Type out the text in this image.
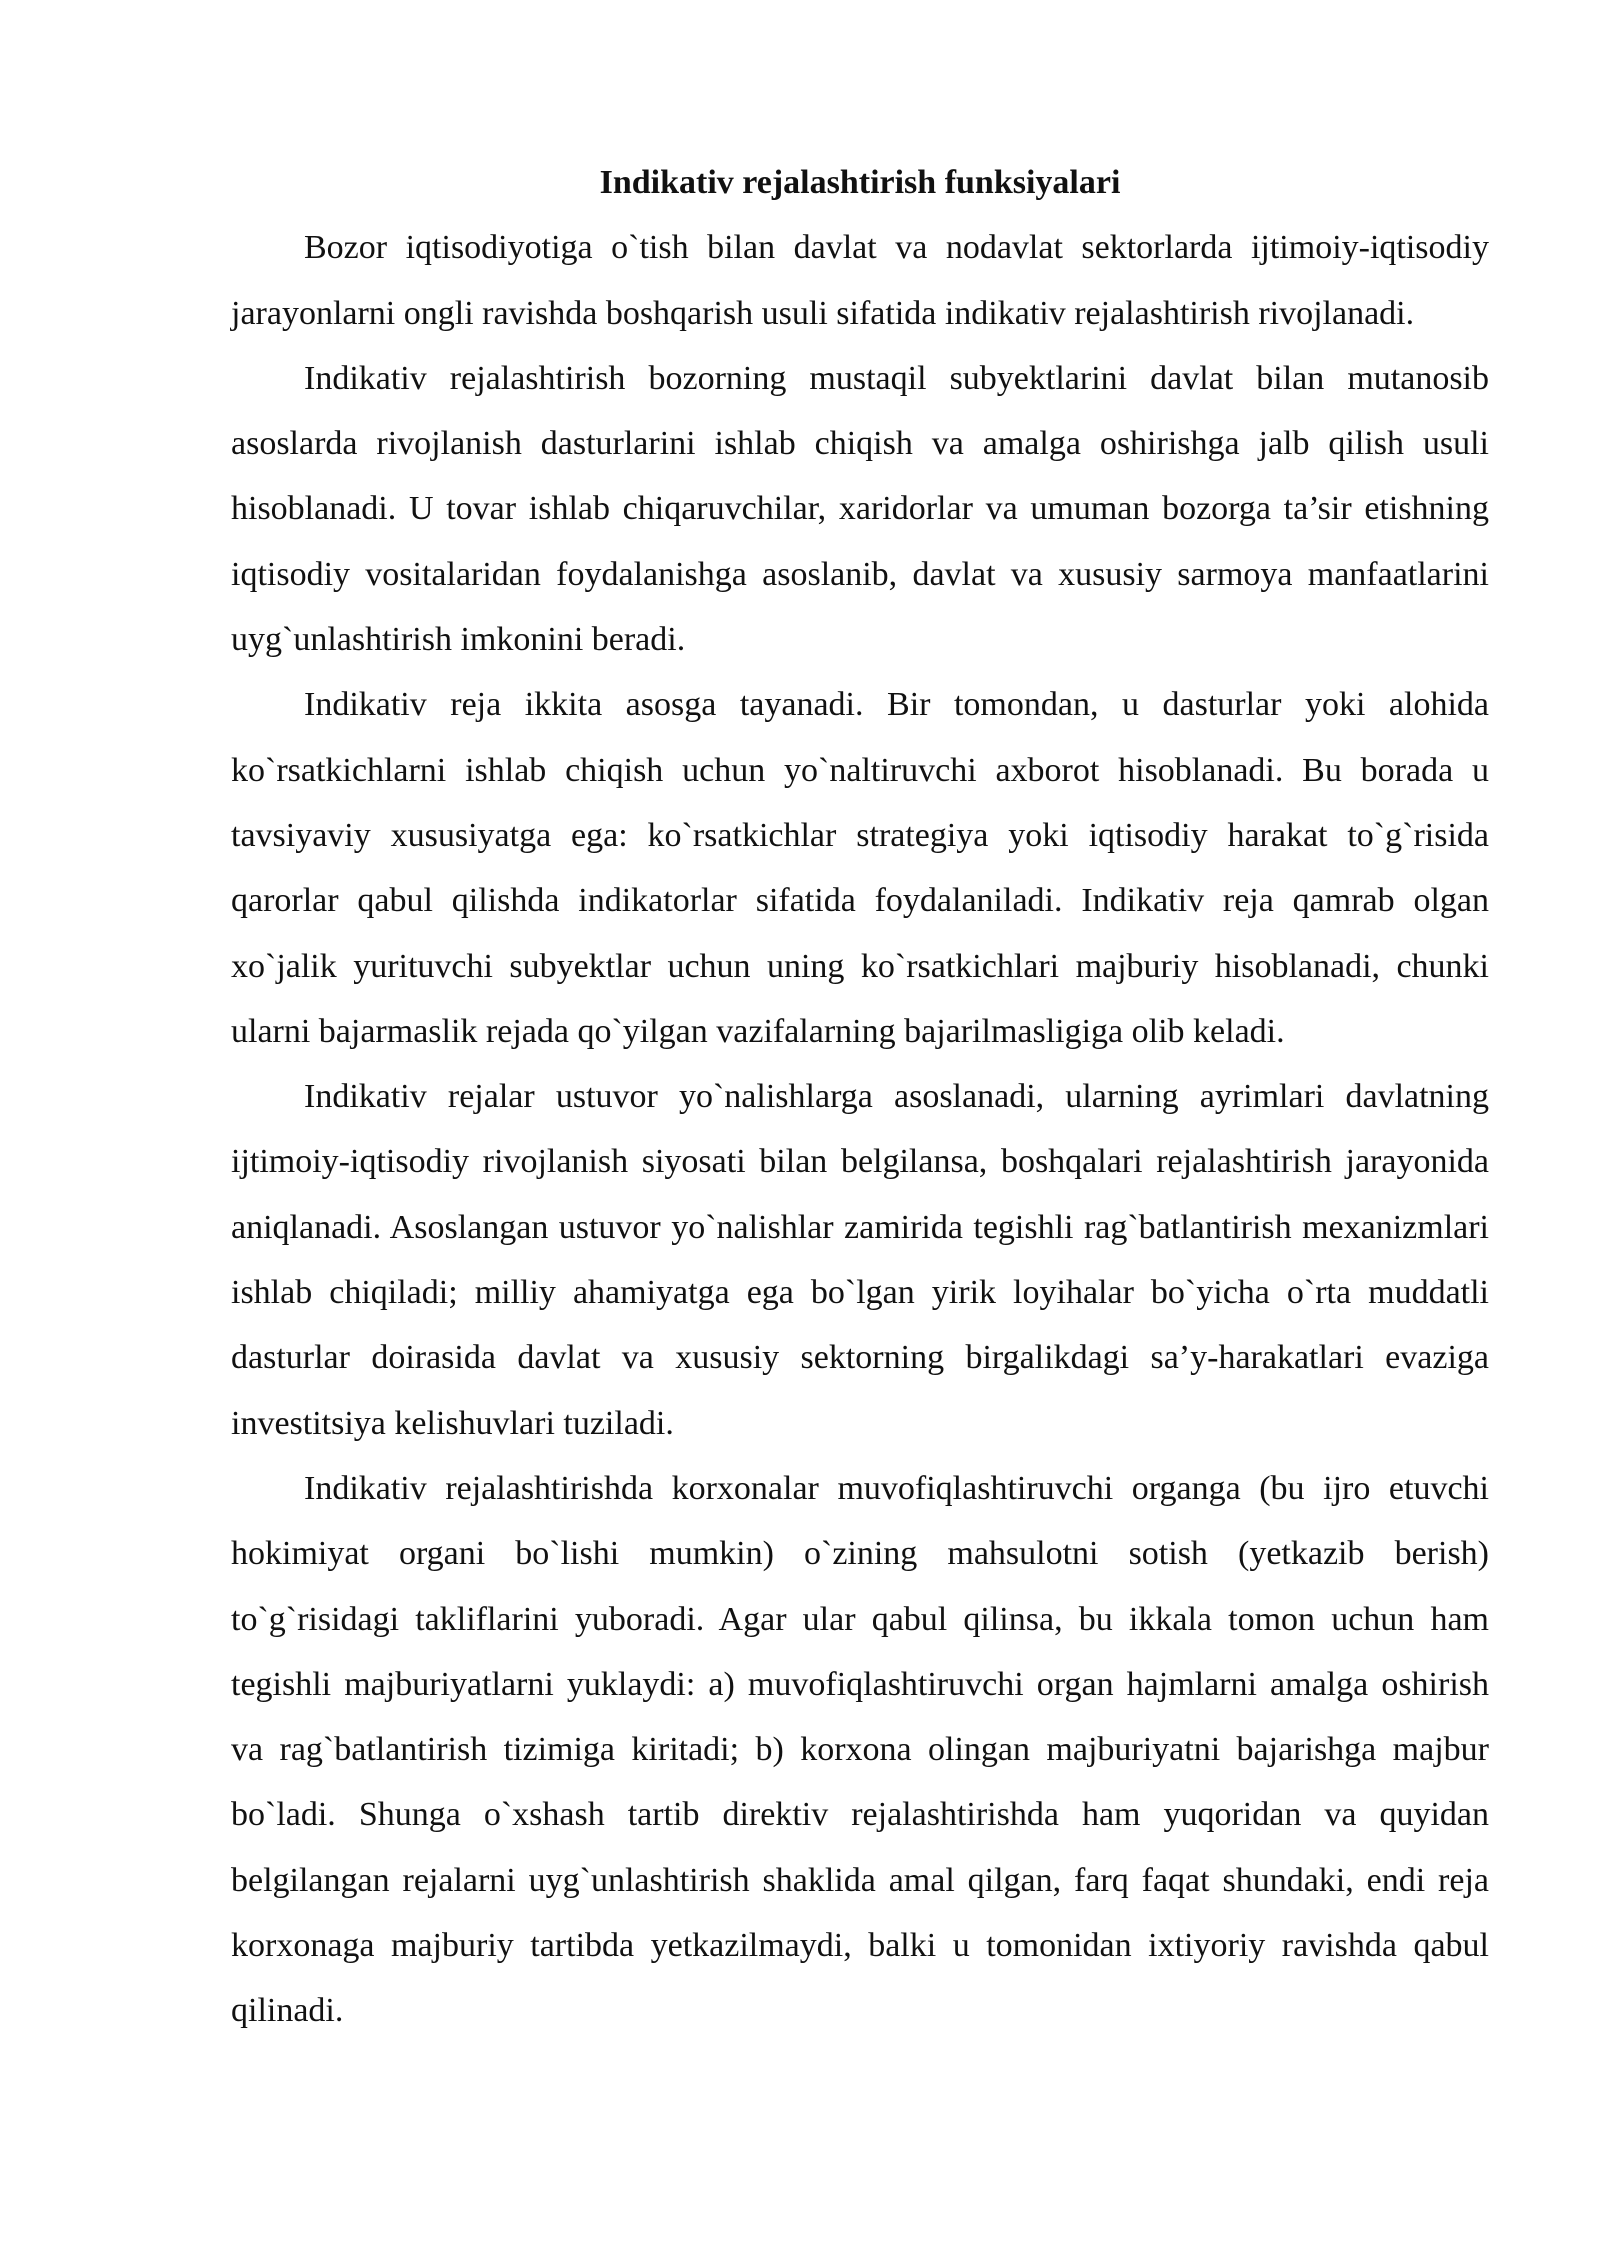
Indikativ rejalashtirish funksiyalari

Bozor iqtisodiyotiga o`tish bilan davlat va nodavlat sektorlarda ijtimoiy-iqtisodiy jarayonlarni ongli ravishda boshqarish usuli sifatida indikativ rejalashtirish rivojlanadi.

Indikativ rejalashtirish bozorning mustaqil subyektlarini davlat bilan mutanosib asoslarda rivojlanish dasturlarini ishlab chiqish va amalga oshirishga jalb qilish usuli hisoblanadi. U tovar ishlab chiqaruvchilar, xaridorlar va umuman bozorga ta’sir etishning iqtisodiy vositalaridan foydalanishga asoslanib, davlat va xususiy sarmoya manfaatlarini uyg`unlashtirish imkonini beradi.

Indikativ reja ikkita asosga tayanadi. Bir tomondan, u dasturlar yoki alohida ko`rsatkichlarni ishlab chiqish uchun yo`naltiruvchi axborot hisoblanadi. Bu borada u tavsiyaviy xususiyatga ega: ko`rsatkichlar strategiya yoki iqtisodiy harakat to`g`risida qarorlar qabul qilishda indikatorlar sifatida foydalaniladi. Indikativ reja qamrab olgan xo`jalik yurituvchi subyektlar uchun uning ko`rsatkichlari majburiy hisoblanadi, chunki ularni bajarmaslik rejada qo`yilgan vazifalarning bajarilmasligiga olib keladi.

Indikativ rejalar ustuvor yo`nalishlarga asoslanadi, ularning ayrimlari davlatning ijtimoiy-iqtisodiy rivojlanish siyosati bilan belgilansa, boshqalari rejalashtirish jarayonida aniqlanadi. Asoslangan ustuvor yo`nalishlar zamirida tegishli rag`batlantirish mexanizmlari ishlab chiqiladi; milliy ahamiyatga ega bo`lgan yirik loyihalar bo`yicha o`rta muddatli dasturlar doirasida davlat va xususiy sektorning birgalikdagi sa’y-harakatlari evaziga investitsiya kelishuvlari tuziladi.

Indikativ rejalashtirishda korxonalar muvofiqlashtiruvchi organga (bu ijro etuvchi hokimiyat organi bo`lishi mumkin) o`zining mahsulotni sotish (yetkazib berish) to`g`risidagi takliflarini yuboradi. Agar ular qabul qilinsa, bu ikkala tomon uchun ham tegishli majburiyatlarni yuklaydi: a) muvofiqlashtiruvchi organ hajmlarni amalga oshirish va rag`batlantirish tizimiga kiritadi; b) korxona olingan majburiyatni bajarishga majbur bo`ladi. Shunga o`xshash tartib direktiv rejalashtirishda ham yuqoridan va quyidan belgilangan rejalarni uyg`unlashtirish shaklida amal qilgan, farq faqat shundaki, endi reja korxonaga majburiy tartibda yetkazilmaydi, balki u tomonidan ixtiyoriy ravishda qabul qilinadi.
